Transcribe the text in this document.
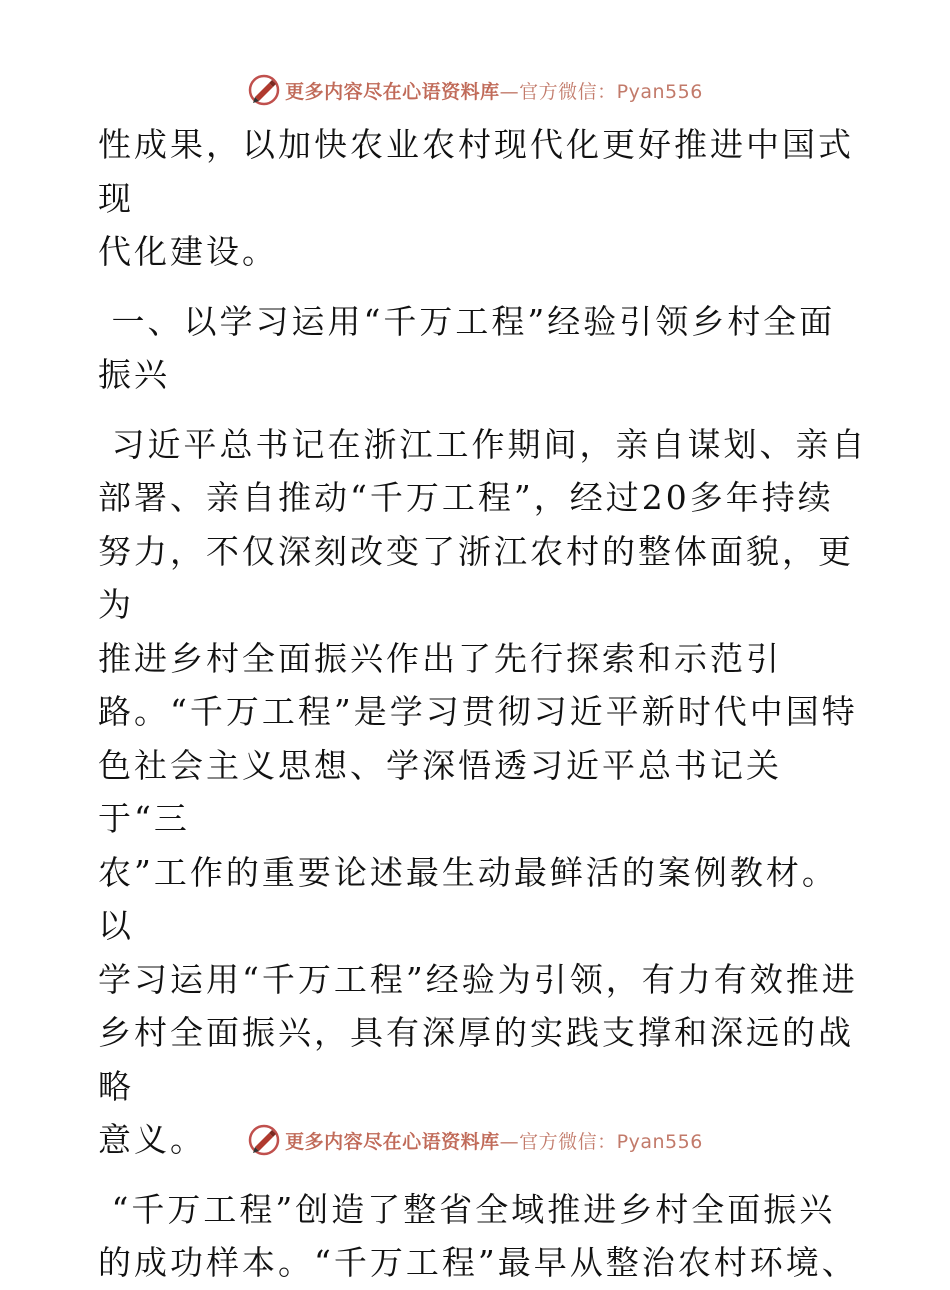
更多内容尽在心语资料库—官方微信：Pyan556

性成果，以加快农业农村现代化更好推进中国式现

代化建设。

一、以学习运用“千万工程”经验引领乡村全面

振兴

习近平总书记在浙江工作期间，亲自谋划、亲自

部署、亲自推动“千万工程”，经过20多年持续

努力，不仅深刻改变了浙江农村的整体面貌，更为

推进乡村全面振兴作出了先行探索和示范引

路。“千万工程”是学习贯彻习近平新时代中国特

色社会主义思想、学深悟透习近平总书记关于“三

农”工作的重要论述最生动最鲜活的案例教材。以

学习运用“千万工程”经验为引领，有力有效推进

乡村全面振兴，具有深厚的实践支撑和深远的战略

意义。

“千万工程”创造了整省全域推进乡村全面振兴

的成功样本。“千万工程”最早从整治农村环境、

更多内容尽在心语资料库—官方微信：Pyan556
